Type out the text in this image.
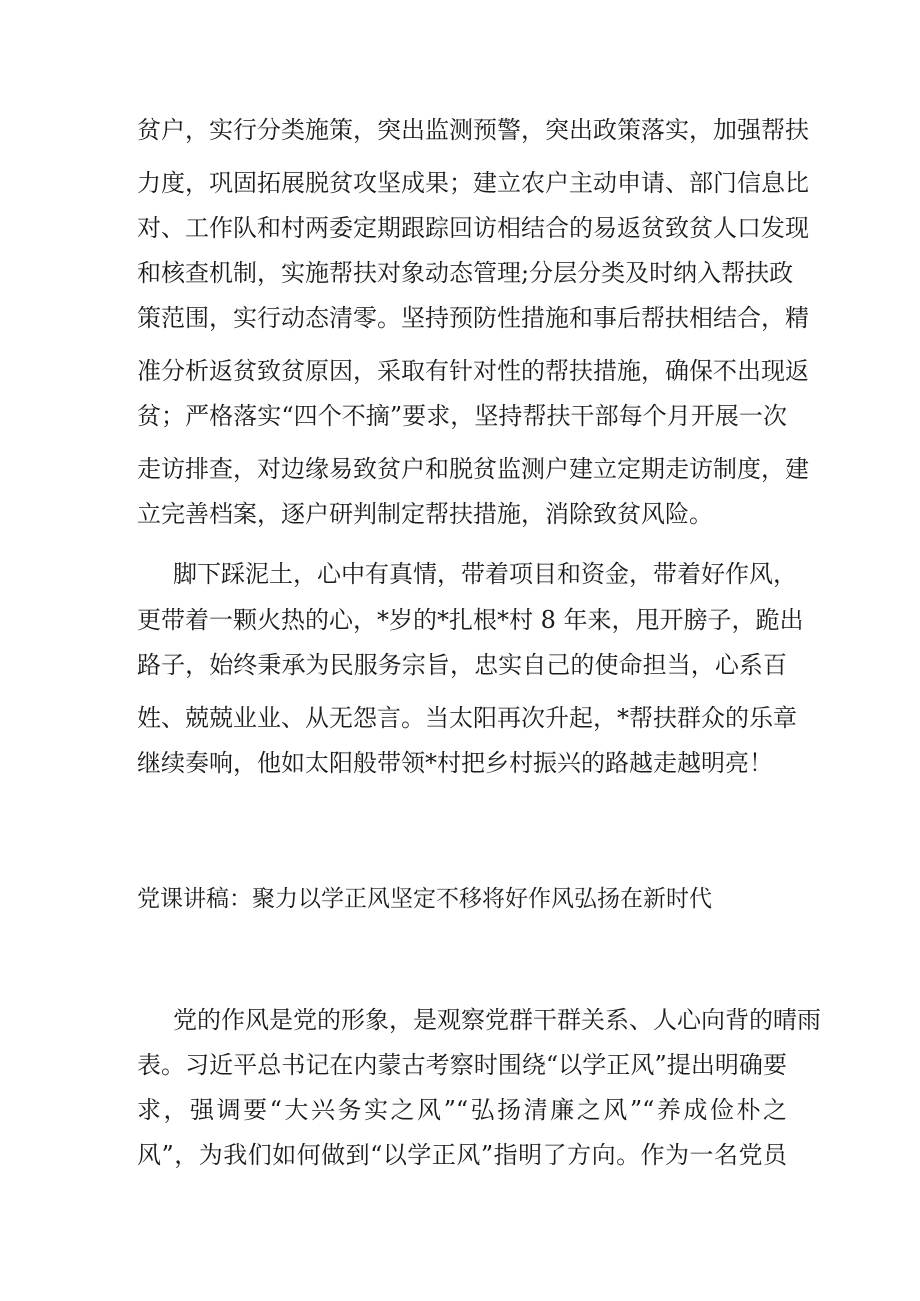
贫户，实行分类施策，突出监测预警，突出政策落实，加强帮扶
力度，巩固拓展脱贫攻坚成果；建立农户主动申请、部门信息比
对、工作队和村两委定期跟踪回访相结合的易返贫致贫人口发现
和核查机制，实施帮扶对象动态管理;分层分类及时纳入帮扶政
策范围，实行动态清零。坚持预防性措施和事后帮扶相结合，精
准分析返贫致贫原因，采取有针对性的帮扶措施，确保不出现返
贫；严格落实“四个不摘”要求，坚持帮扶干部每个月开展一次
走访排查，对边缘易致贫户和脱贫监测户建立定期走访制度，建
立完善档案，逐户研判制定帮扶措施，消除致贫风险。
脚下踩泥土，心中有真情，带着项目和资金，带着好作风，
更带着一颗火热的心，*岁的*扎根*村 8 年来，甩开膀子，跪出
路子，始终秉承为民服务宗旨，忠实自己的使命担当，心系百
姓、兢兢业业、从无怨言。当太阳再次升起，*帮扶群众的乐章
继续奏响，他如太阳般带领*村把乡村振兴的路越走越明亮！
党课讲稿：聚力以学正风坚定不移将好作风弘扬在新时代
党的作风是党的形象，是观察党群干群关系、人心向背的晴雨
表。习近平总书记在内蒙古考察时围绕“以学正风”提出明确要
求，强调要“大兴务实之风”“弘扬清廉之风”“养成俭朴之
风”，为我们如何做到“以学正风”指明了方向。作为一名党员
